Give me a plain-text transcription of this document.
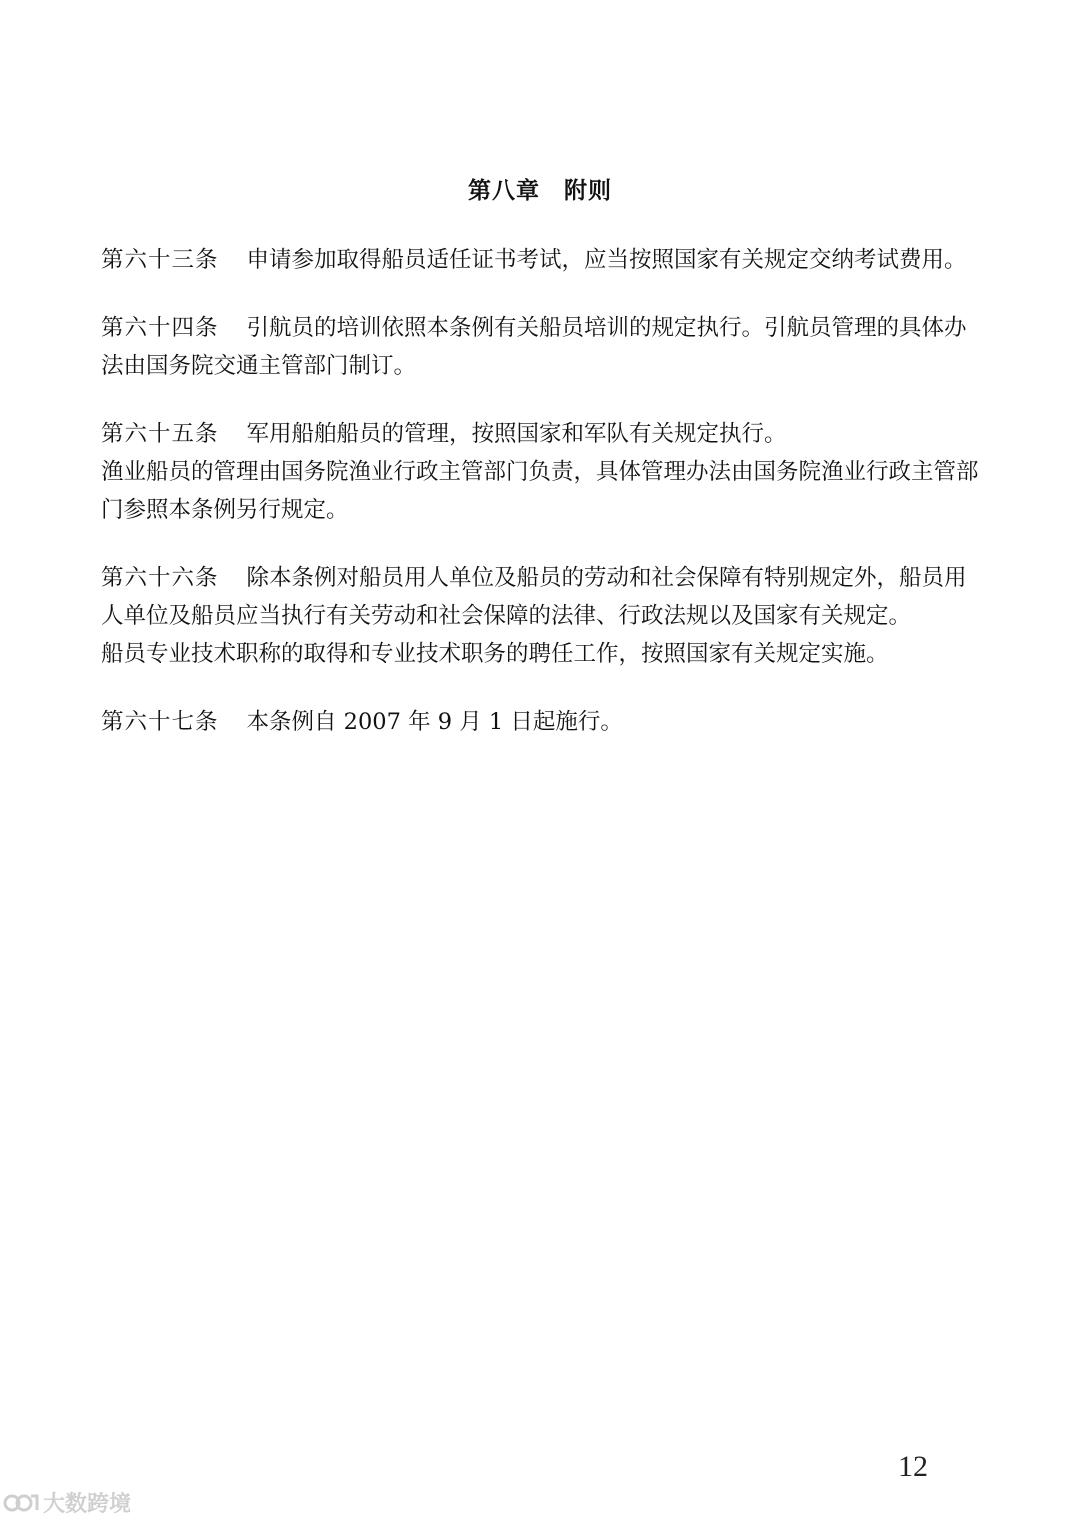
第八章　附则

第六十三条 申请参加取得船员适任证书考试，应当按照国家有关规定交纳考试费用。

第六十四条 引航员的培训依照本条例有关船员培训的规定执行。引航员管理的具体办法由国务院交通主管部门制订。

第六十五条 军用船舶船员的管理，按照国家和军队有关规定执行。

渔业船员的管理由国务院渔业行政主管部门负责，具体管理办法由国务院渔业行政主管部门参照本条例另行规定。

第六十六条 除本条例对船员用人单位及船员的劳动和社会保障有特别规定外，船员用人单位及船员应当执行有关劳动和社会保障的法律、行政法规以及国家有关规定。

船员专业技术职称的取得和专业技术职务的聘任工作，按照国家有关规定实施。

第六十七条 本条例自 2007 年 9 月 1 日起施行。

12
大数跨境
